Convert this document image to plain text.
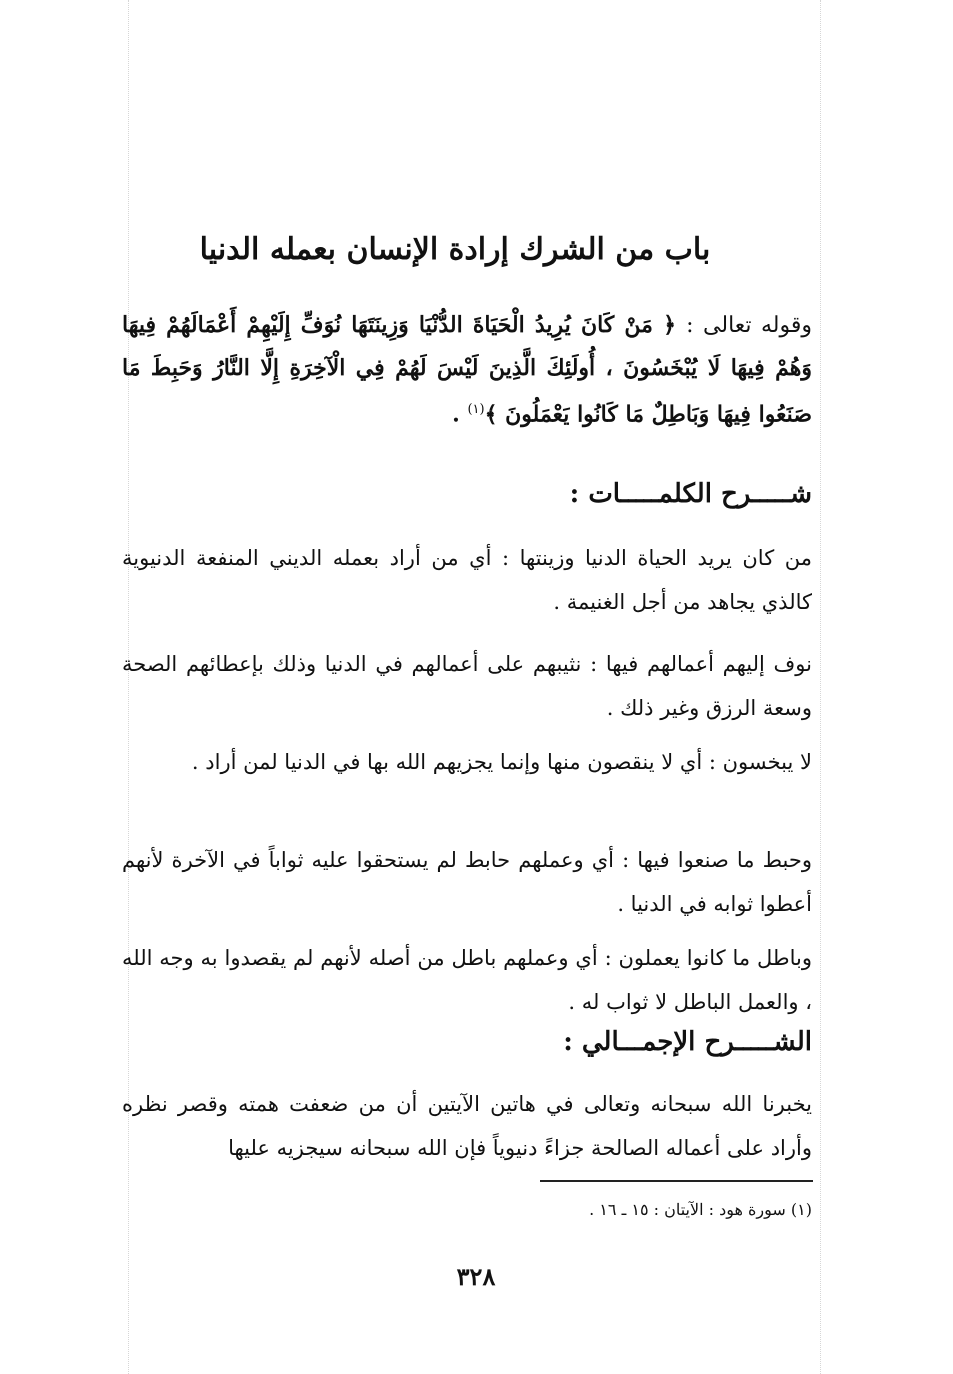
باب من الشرك إرادة الإنسان بعمله الدنيا
وقوله تعالى : ﴿ مَنْ كَانَ يُرِيدُ الْحَيَاةَ الدُّنْيَا وَزِينَتَهَا نُوَفِّ إِلَيْهِمْ أَعْمَالَهُمْ فِيهَا وَهُمْ فِيهَا لَا يُبْخَسُونَ ، أُولَئِكَ الَّذِينَ لَيْسَ لَهُمْ فِي الْآخِرَةِ إِلَّا النَّارُ وَحَبِطَ مَا صَنَعُوا فِيهَا وَبَاطِلٌ مَا كَانُوا يَعْمَلُونَ ﴾$^{(١)}$ .
شـــــرح الكلمـــــات :
من كان يريد الحياة الدنيا وزينتها : أي من أراد بعمله الديني المنفعة الدنيوية كالذي يجاهد من أجل الغنيمة .
نوف إليهم أعمالهم فيها : نثيبهم على أعمالهم في الدنيا وذلك بإعطائهم الصحة وسعة الرزق وغير ذلك .
لا يبخسون : أي لا ينقصون منها وإنما يجزيهم الله بها في الدنيا لمن أراد .
وحبط ما صنعوا فيها : أي وعملهم حابط لم يستحقوا عليه ثواباً في الآخرة لأنهم أعطوا ثوابه في الدنيا .
وباطل ما كانوا يعملون : أي وعملهم باطل من أصله لأنهم لم يقصدوا به وجه الله ، والعمل الباطل لا ثواب له .
الشـــــرح الإجمـــالي :
يخبرنا الله سبحانه وتعالى في هاتين الآيتين أن من ضعفت همته وقصر نظره وأراد على أعماله الصالحة جزاءً دنيوياً فإن الله سبحانه سيجزيه عليها
(١) سورة هود : الآيتان : ١٥ ـ ١٦ .
٣٢٨
